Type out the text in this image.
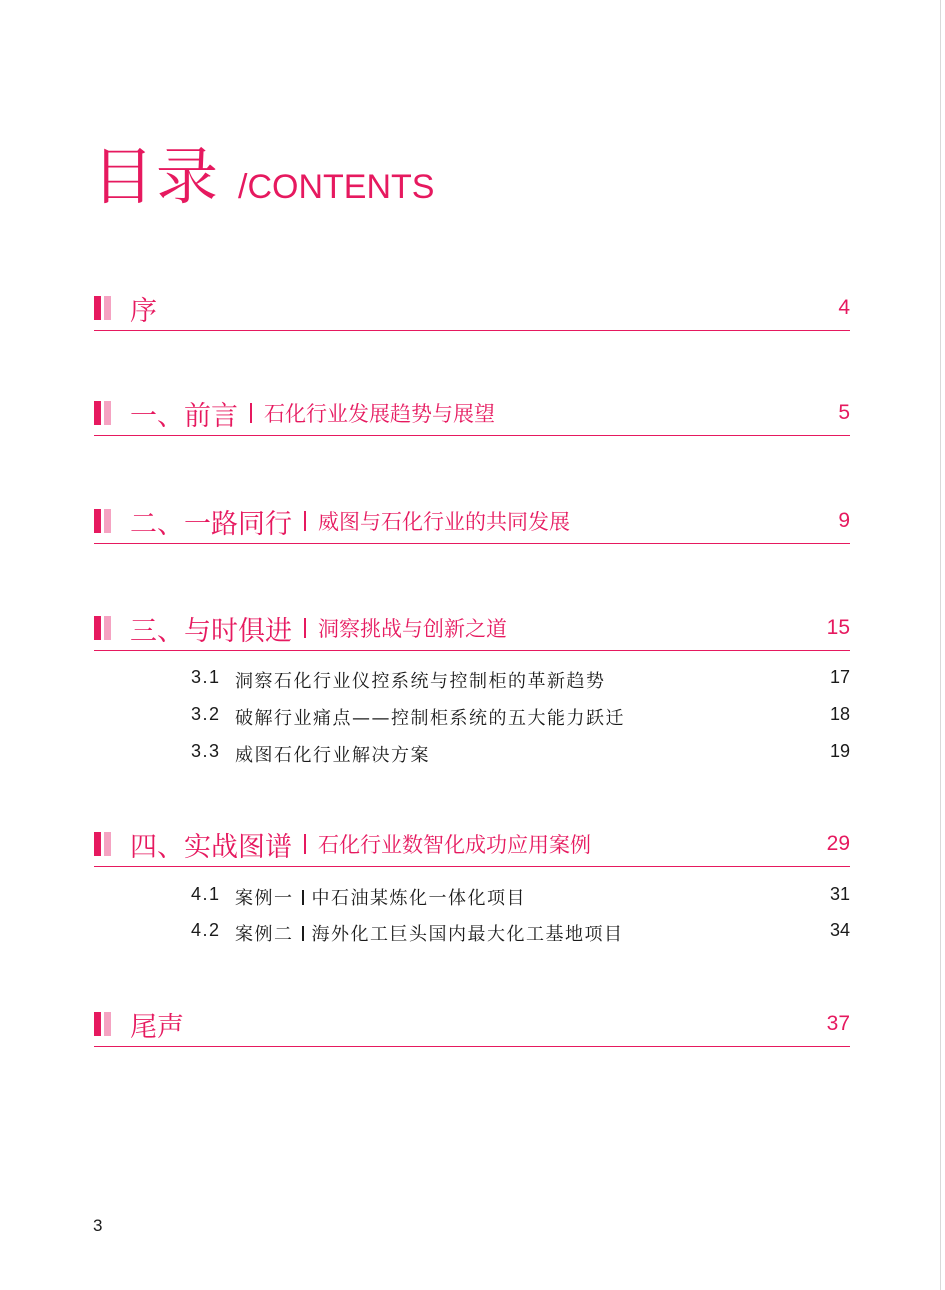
目录 /CONTENTS
序	4
一、前言 石化行业发展趋势与展望	5
二、一路同行 威图与石化行业的共同发展	9
三、与时俱进 洞察挑战与创新之道	15
3.1 洞察石化行业仪控系统与控制柜的革新趋势	17
3.2 破解行业痛点——控制柜系统的五大能力跃迁	18
3.3 威图石化行业解决方案	19
四、实战图谱 石化行业数智化成功应用案例	29
4.1 案例一 中石油某炼化一体化项目	31
4.2 案例二 海外化工巨头国内最大化工基地项目	34
尾声	37
3
